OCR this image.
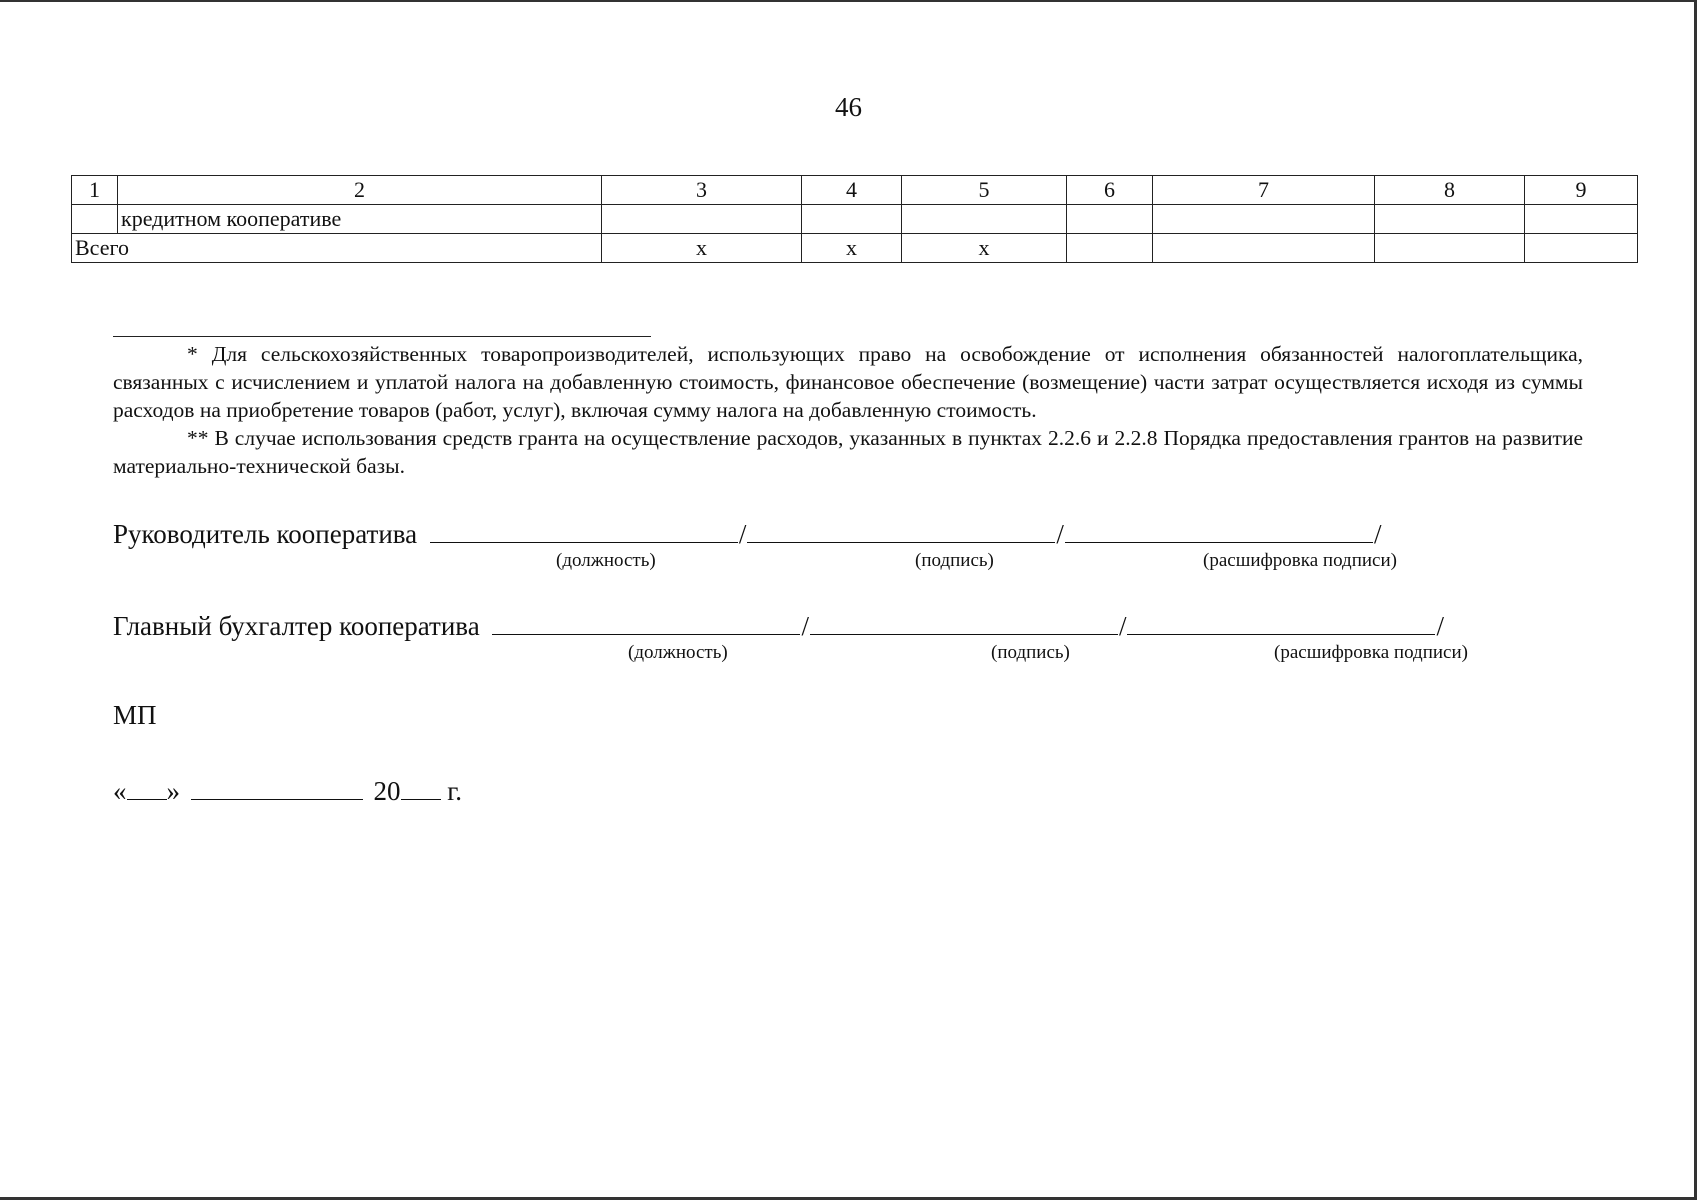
46
1	2	3	4	5	6	7	8	9
	кредитном кооперативе							
Всего		х	х	х				

* Для сельскохозяйственных товаропроизводителей, использующих право на освобождение от исполнения обязанностей налогоплательщика, связанных с исчислением и уплатой налога на добавленную стоимость, финансовое обеспечение (возмещение) части затрат осуществляется исходя из суммы расходов на приобретение товаров (работ, услуг), включая сумму налога на добавленную стоимость.

** В случае использования средств гранта на осуществление расходов, указанных в пунктах 2.2.6 и 2.2.8 Порядка предоставления грантов на развитие материально-технической базы.

Руководитель кооператива	/	/	/
(должность)	(подпись)	(расшифровка подписи)
Главный бухгалтер кооператива	/	/	/
(должность)	(подпись)	(расшифровка подписи)
МП
« »	20 г.
